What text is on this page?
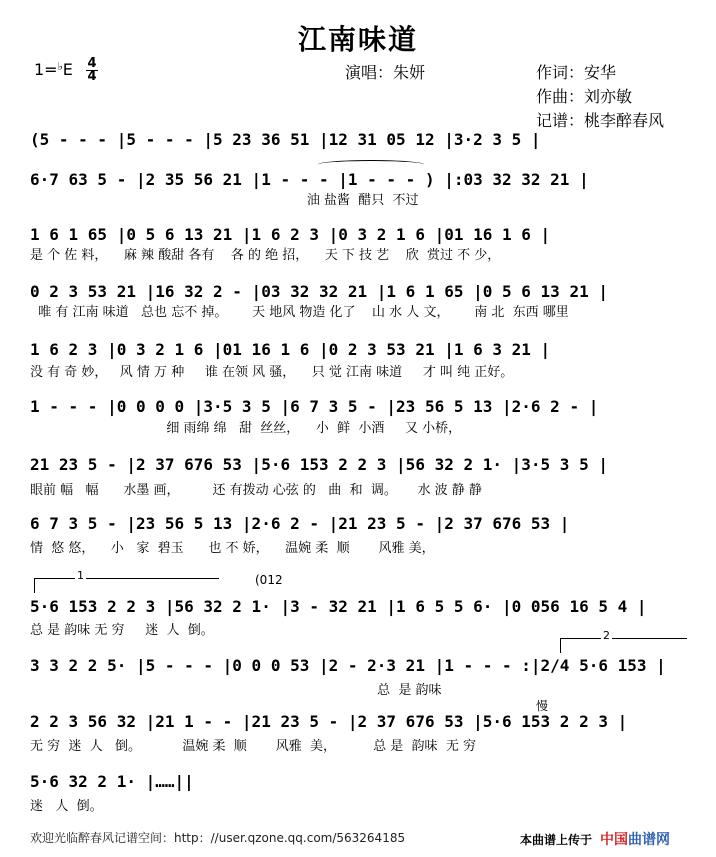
江南味道
1=♭E 4
4	演唱：朱妍	作词：安华
作曲：刘亦敏
记谱：桃李醉春风
(5 - - - |5 - - - |5 23 36 51 |12 31 05 12 |3·2 3 5 |
6·7 63 5 - |2 35 56 21 |1 - - - |1 - - - ) |:03 32 32 21 |
油 盐酱  醋只  不过
1 6 1 65 |0 5 6 13 21 |1 6 2 3 |0 3 2 1 6 |01 16 1 6 |
是 个 佐 料，    麻 辣 酸甜 各有    各 的 绝 招，    天 下 技 艺    欣  赏过 不 少，
0 2 3 53 21 |16 32 2 - |03 32 32 21 |1 6 1 65 |0 5 6 13 21 |
唯 有 江南 味道   总也 忘不 掉。      天 地风 物造 化了    山 水 人 文，      南 北  东西 哪里
1 6 2 3 |0 3 2 1 6 |01 16 1 6 |0 2 3 53 21 |1 6 3 21 |
没 有 奇 妙，   风 情 万 种     谁 在领 风 骚，    只 觉 江南 味道     才 叫 纯 正好。
1 - - - |0 0 0 0 |3·5 3 5 |6 7 3 5 - |23 56 5 13 |2·6 2 - |
细 雨绵 绵   甜  丝丝，    小  鲜  小酒     又 小桥，
21 23 5 - |2 37 676 53 |5·6 153 2 2 3 |56 32 2 1· |3·5 3 5 |
眼前 幅   幅      水墨 画，        还 有拨动 心弦 的   曲  和  调。     水 波 静 静
6 7 3 5 - |23 56 5 13 |2·6 2 - |21 23 5 - |2 37 676 53 |
情  悠 悠，    小   家  碧玉      也 不 娇，    温婉 柔  顺       风雅 美，
1	(012
5·6 153 2 2 3 |56 32 2 1· |3 - 32 21 |1 6 5 5 6· |0 056 16 5 4 |
总 是 韵味 无 穷     迷  人  倒。	2
3 3 2 2 5· |5 - - - |0 0 0 53 |2 - 2·3 21 |1 - - - :|2/4 5·6 153 |
总  是 韵味
慢
2 2 3 56 32 |21 1 - - |21 23 5 - |2 37 676 53 |5·6 153 2 2 3 |
无 穷  迷  人   倒。          温婉 柔  顺       风雅  美，         总 是  韵味  无 穷
5·6 32 2 1· |……||
迷   人  倒。
欢迎光临醉春风记谱空间：http：//user.qzone.qq.com/563264185	本曲谱上传于 中国曲谱网
